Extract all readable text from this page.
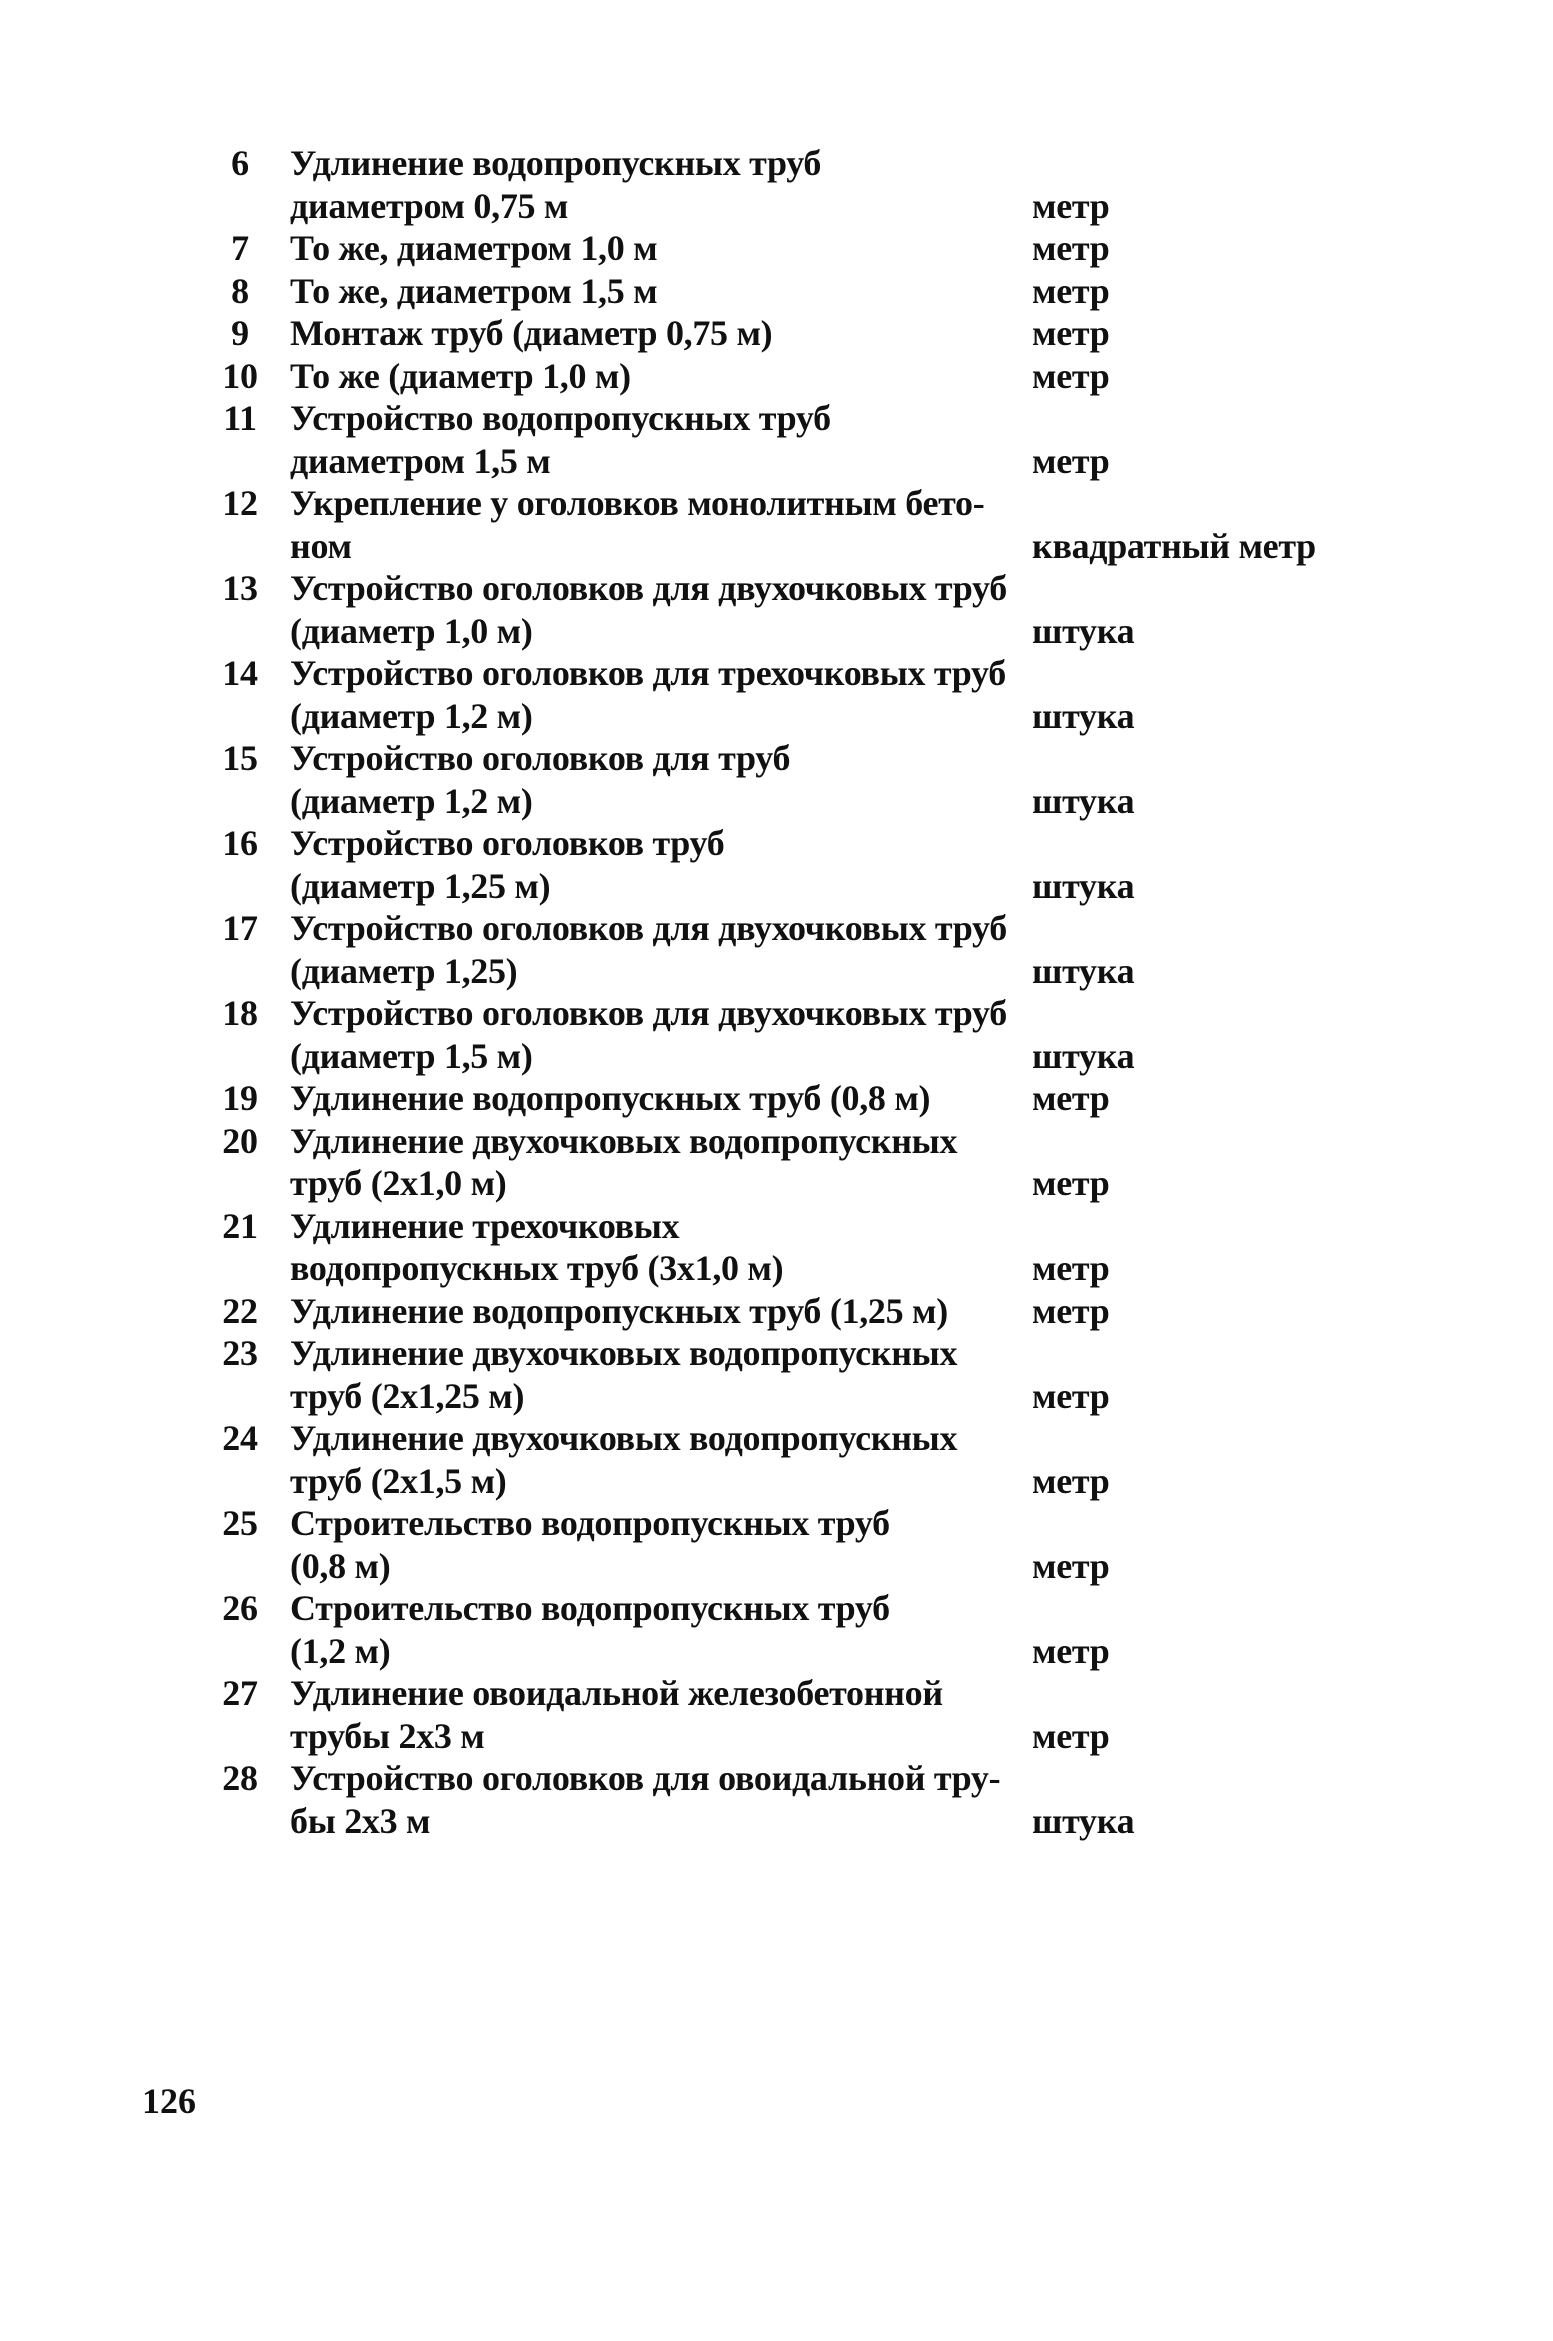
6	Удлинение водопропускных труб
диаметром 0,75 м	метр
7	То же, диаметром 1,0 м	метр
8	То же, диаметром 1,5 м	метр
9	Монтаж труб (диаметр 0,75 м)	метр
10 То же (диаметр 1,0 м)	метр
11 Устройство водопропускных труб
диаметром 1,5 м	метр
12 Укрепление у оголовков монолитным бето-
ном	квадратный метр
13 Устройство оголовков для двухочковых труб
(диаметр 1,0 м)	штука
14 Устройство оголовков для трехочковых труб
(диаметр 1,2 м)	штука
15 Устройство оголовков для труб
(диаметр 1,2 м)	штука
16 Устройство оголовков труб
(диаметр 1,25 м)	штука
17 Устройство оголовков для двухочковых труб
(диаметр 1,25)	штука
18 Устройство оголовков для двухочковых труб
(диаметр 1,5 м)	штука
19 Удлинение водопропускных труб (0,8 м)	метр
20 Удлинение двухочковых водопропускных
труб (2х1,0 м)	метр
21 Удлинение трехочковых
водопропускных труб (3х1,0 м)	метр
22 Удлинение водопропускных труб (1,25 м)	метр
23 Удлинение двухочковых водопропускных
труб (2х1,25 м)	метр
24 Удлинение двухочковых водопропускных
труб (2х1,5 м)	метр
25 Строительство водопропускных труб
(0,8 м)	метр
26 Строительство водопропускных труб
(1,2 м)	метр
27 Удлинение овоидальной железобетонной
трубы 2х3 м	метр
28 Устройство оголовков для овоидальной тру-
бы 2х3 м	штука
126
